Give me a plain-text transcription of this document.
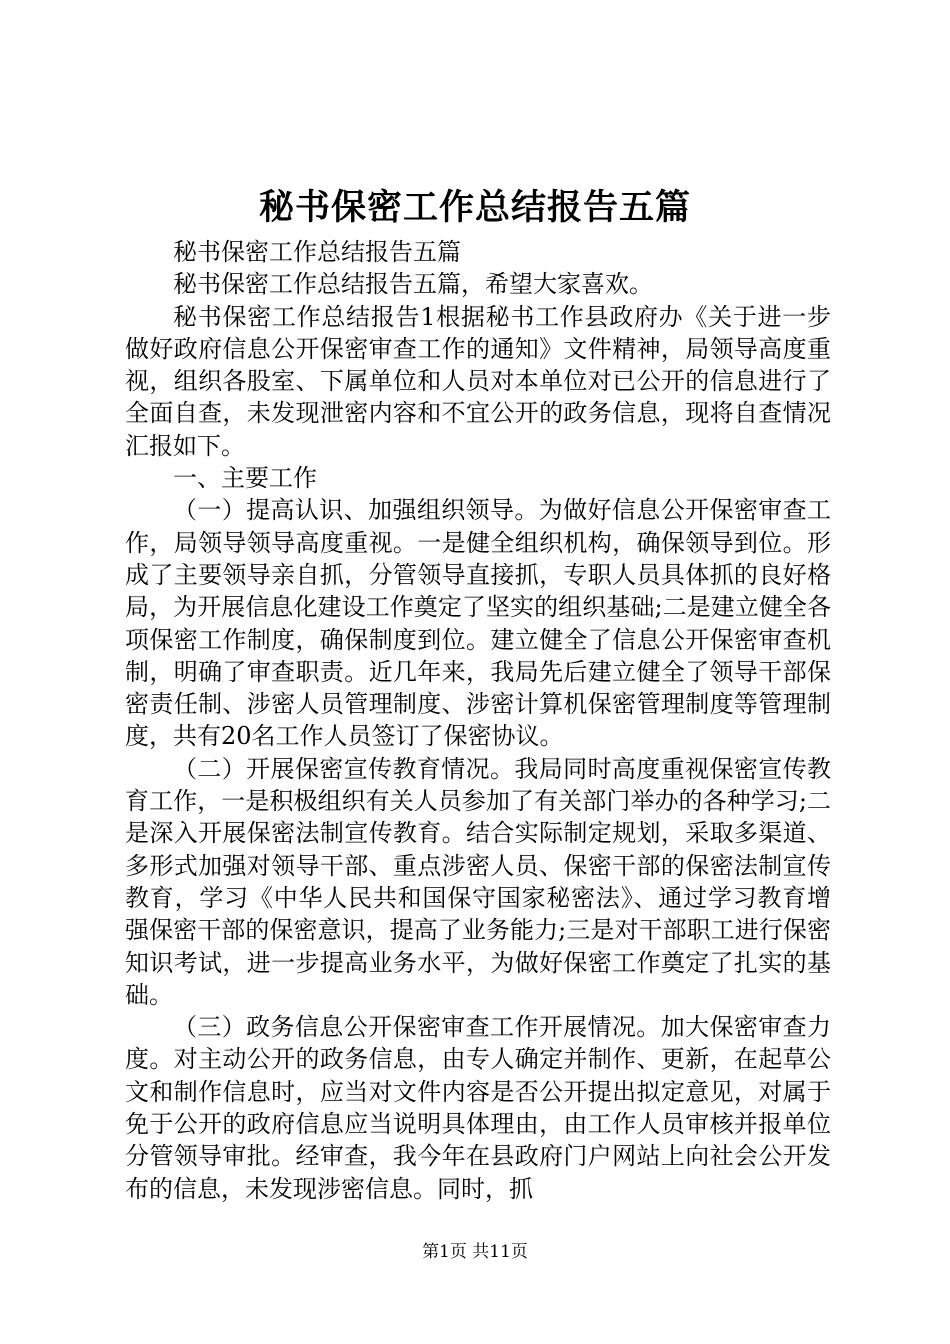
秘书保密工作总结报告五篇

秘书保密工作总结报告五篇

秘书保密工作总结报告五篇，希望大家喜欢。

秘书保密工作总结报告1根据秘书工作县政府办《关于进一步做好政府信息公开保密审查工作的通知》文件精神，局领导高度重视，组织各股室、下属单位和人员对本单位对已公开的信息进行了全面自查，未发现泄密内容和不宜公开的政务信息，现将自查情况汇报如下。

一、主要工作

（一）提高认识、加强组织领导。为做好信息公开保密审查工作，局领导领导高度重视。一是健全组织机构，确保领导到位。形成了主要领导亲自抓，分管领导直接抓，专职人员具体抓的良好格局，为开展信息化建设工作奠定了坚实的组织基础;二是建立健全各项保密工作制度，确保制度到位。建立健全了信息公开保密审查机制，明确了审查职责。近几年来，我局先后建立健全了领导干部保密责任制、涉密人员管理制度、涉密计算机保密管理制度等管理制度，共有20名工作人员签订了保密协议。

（二）开展保密宣传教育情况。我局同时高度重视保密宣传教育工作，一是积极组织有关人员参加了有关部门举办的各种学习;二是深入开展保密法制宣传教育。结合实际制定规划，采取多渠道、多形式加强对领导干部、重点涉密人员、保密干部的保密法制宣传教育，学习《中华人民共和国保守国家秘密法》、通过学习教育增强保密干部的保密意识，提高了业务能力;三是对干部职工进行保密知识考试，进一步提高业务水平，为做好保密工作奠定了扎实的基础。

（三）政务信息公开保密审查工作开展情况。加大保密审查力度。对主动公开的政务信息，由专人确定并制作、更新，在起草公文和制作信息时，应当对文件内容是否公开提出拟定意见，对属于免于公开的政府信息应当说明具体理由，由工作人员审核并报单位分管领导审批。经审查，我今年在县政府门户网站上向社会公开发布的信息，未发现涉密信息。同时，抓

第1页 共11页
